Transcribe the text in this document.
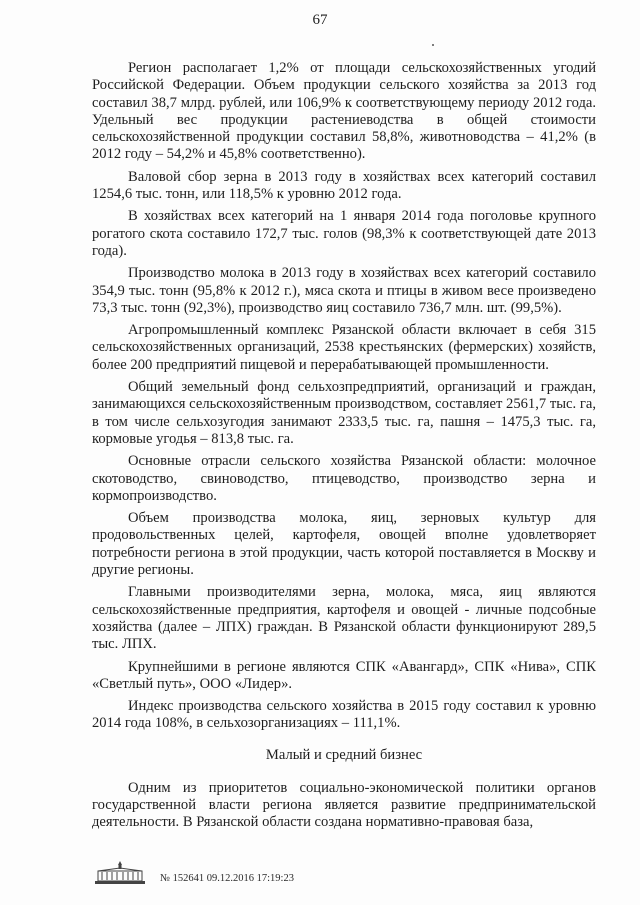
67

Регион располагает 1,2% от площади сельскохозяйственных угодий Российской Федерации. Объем продукции сельского хозяйства за 2013 год составил 38,7 млрд. рублей, или 106,9% к соответствующему периоду 2012 года. Удельный вес продукции растениеводства в общей стоимости сельскохозяйственной продукции составил 58,8%, животноводства – 41,2% (в 2012 году – 54,2% и 45,8% соответственно).

Валовой сбор зерна в 2013 году в хозяйствах всех категорий составил 1254,6 тыс. тонн, или 118,5% к уровню 2012 года.

В хозяйствах всех категорий на 1 января 2014 года поголовье крупного рогатого скота составило 172,7 тыс. голов (98,3% к соответствующей дате 2013 года).

Производство молока в 2013 году в хозяйствах всех категорий составило 354,9 тыс. тонн (95,8% к 2012 г.), мяса скота и птицы в живом весе произведено 73,3 тыс. тонн (92,3%), производство яиц составило 736,7 млн. шт. (99,5%).

Агропромышленный комплекс Рязанской области включает в себя 315 сельскохозяйственных организаций, 2538 крестьянских (фермерских) хозяйств, более 200 предприятий пищевой и перерабатывающей промышленности.

Общий земельный фонд сельхозпредприятий, организаций и граждан, занимающихся сельскохозяйственным производством, составляет 2561,7 тыс. га, в том числе сельхозугодия занимают 2333,5 тыс. га, пашня – 1475,3 тыс. га, кормовые угодья – 813,8 тыс. га.

Основные отрасли сельского хозяйства Рязанской области: молочное скотоводство, свиноводство, птицеводство, производство зерна и кормопроизводство.

Объем производства молока, яиц, зерновых культур для продовольственных целей, картофеля, овощей вполне удовлетворяет потребности региона в этой продукции, часть которой поставляется в Москву и другие регионы.

Главными производителями зерна, молока, мяса, яиц являются сельскохозяйственные предприятия, картофеля и овощей - личные подсобные хозяйства (далее – ЛПХ) граждан. В Рязанской области функционируют 289,5 тыс. ЛПХ.

Крупнейшими в регионе являются СПК «Авангард», СПК «Нива», СПК «Светлый путь», ООО «Лидер».

Индекс производства сельского хозяйства в 2015 году составил к уровню 2014 года 108%, в сельхозорганизациях – 111,1%.

Малый и средний бизнес

Одним из приоритетов социально-экономической политики органов государственной власти региона является развитие предпринимательской деятельности. В Рязанской области создана нормативно-правовая база,

№ 152641 09.12.2016 17:19:23
